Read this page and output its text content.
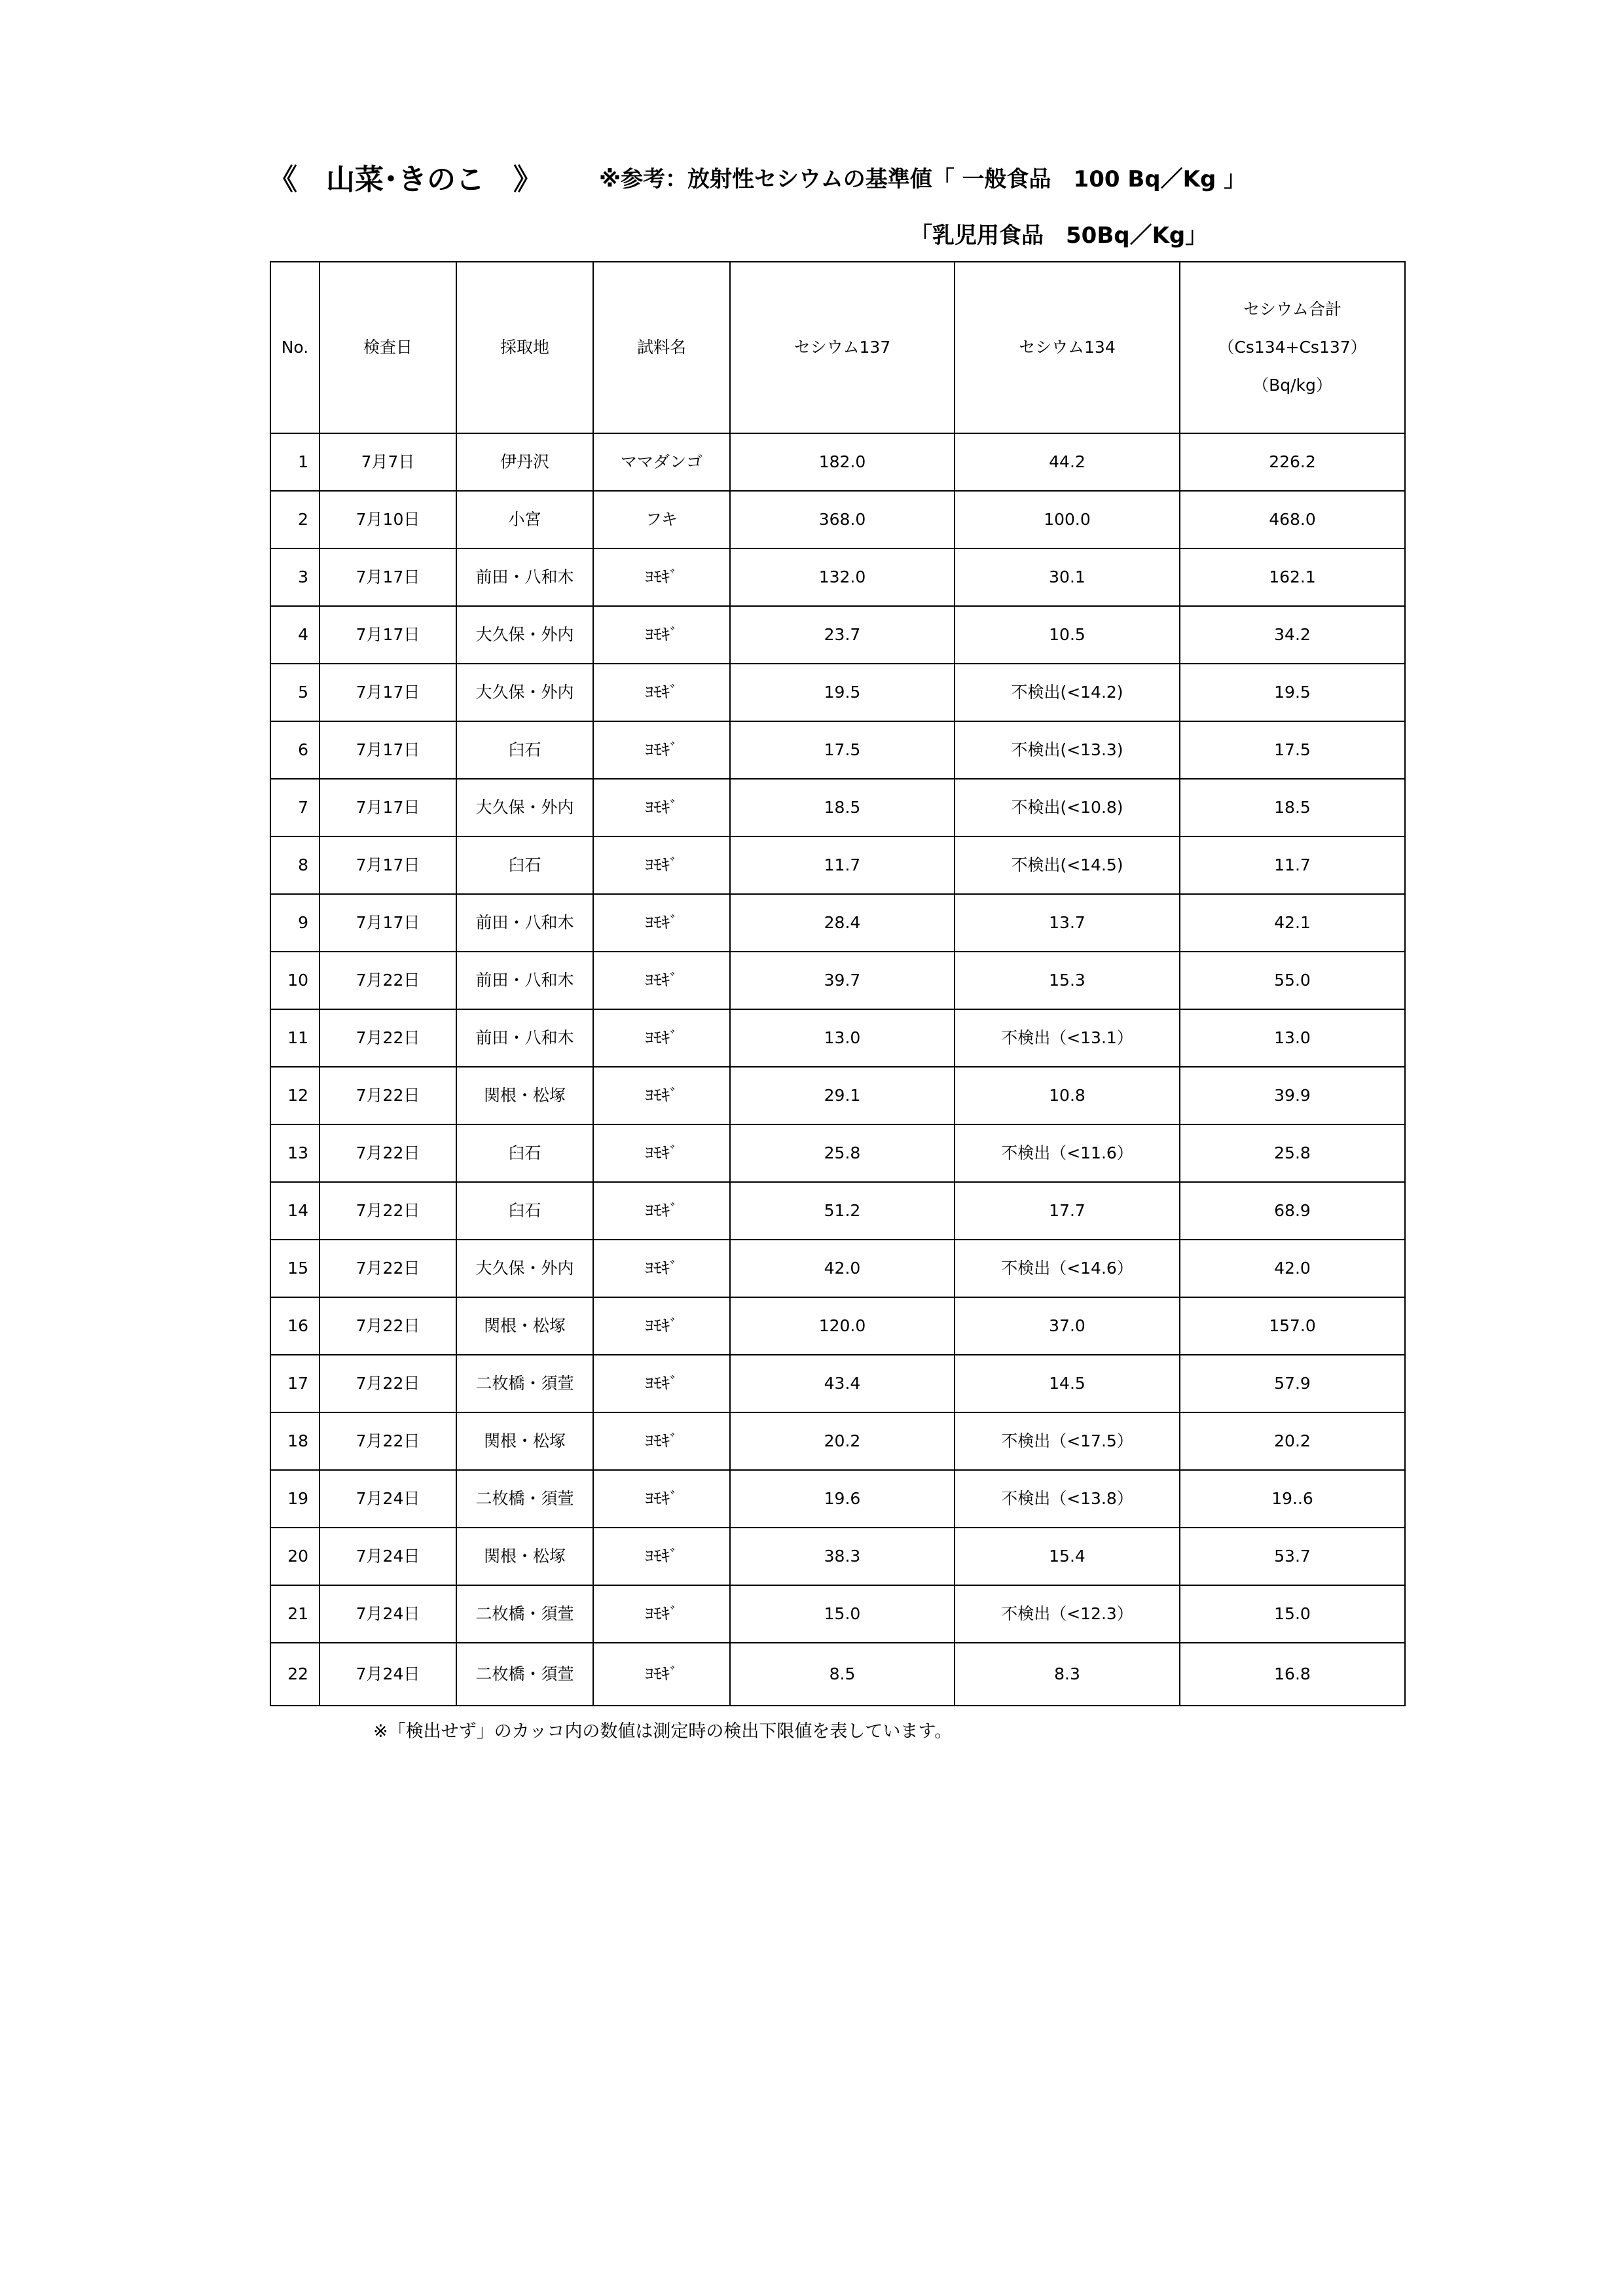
《　山菜･きのこ　》	※参考：放射性セシウムの基準値「 一般食品　100 Bq／Kg 」
「乳児用食品　50Bq／Kg」
No.	検査日	採取地	試料名	セシウム137	セシウム134	セシウム合計
（Cs134+Cs137）
（Bq/kg）

1	7月7日	伊丹沢	ママダンゴ	182.0	44.2	226.2
2	7月10日	小宮	フキ	368.0	100.0	468.0
3	7月17日	前田・八和木	ﾖﾓｷﾞ	132.0	30.1	162.1
4	7月17日	大久保・外内	ﾖﾓｷﾞ	23.7	10.5	34.2
5	7月17日	大久保・外内	ﾖﾓｷﾞ	19.5	不検出(<14.2)	19.5
6	7月17日	臼石	ﾖﾓｷﾞ	17.5	不検出(<13.3)	17.5
7	7月17日	大久保・外内	ﾖﾓｷﾞ	18.5	不検出(<10.8)	18.5
8	7月17日	臼石	ﾖﾓｷﾞ	11.7	不検出(<14.5)	11.7
9	7月17日	前田・八和木	ﾖﾓｷﾞ	28.4	13.7	42.1
10	7月22日	前田・八和木	ﾖﾓｷﾞ	39.7	15.3	55.0
11	7月22日	前田・八和木	ﾖﾓｷﾞ	13.0	不検出（<13.1）	13.0
12	7月22日	関根・松塚	ﾖﾓｷﾞ	29.1	10.8	39.9
13	7月22日	臼石	ﾖﾓｷﾞ	25.8	不検出（<11.6）	25.8
14	7月22日	臼石	ﾖﾓｷﾞ	51.2	17.7	68.9
15	7月22日	大久保・外内	ﾖﾓｷﾞ	42.0	不検出（<14.6）	42.0
16	7月22日	関根・松塚	ﾖﾓｷﾞ	120.0	37.0	157.0
17	7月22日	二枚橋・須萱	ﾖﾓｷﾞ	43.4	14.5	57.9
18	7月22日	関根・松塚	ﾖﾓｷﾞ	20.2	不検出（<17.5）	20.2
19	7月24日	二枚橋・須萱	ﾖﾓｷﾞ	19.6	不検出（<13.8）	19..6
20	7月24日	関根・松塚	ﾖﾓｷﾞ	38.3	15.4	53.7
21	7月24日	二枚橋・須萱	ﾖﾓｷﾞ	15.0	不検出（<12.3）	15.0
22	7月24日	二枚橋・須萱	ﾖﾓｷﾞ	8.5	8.3	16.8
※「検出せず」のカッコ内の数値は測定時の検出下限値を表しています。
